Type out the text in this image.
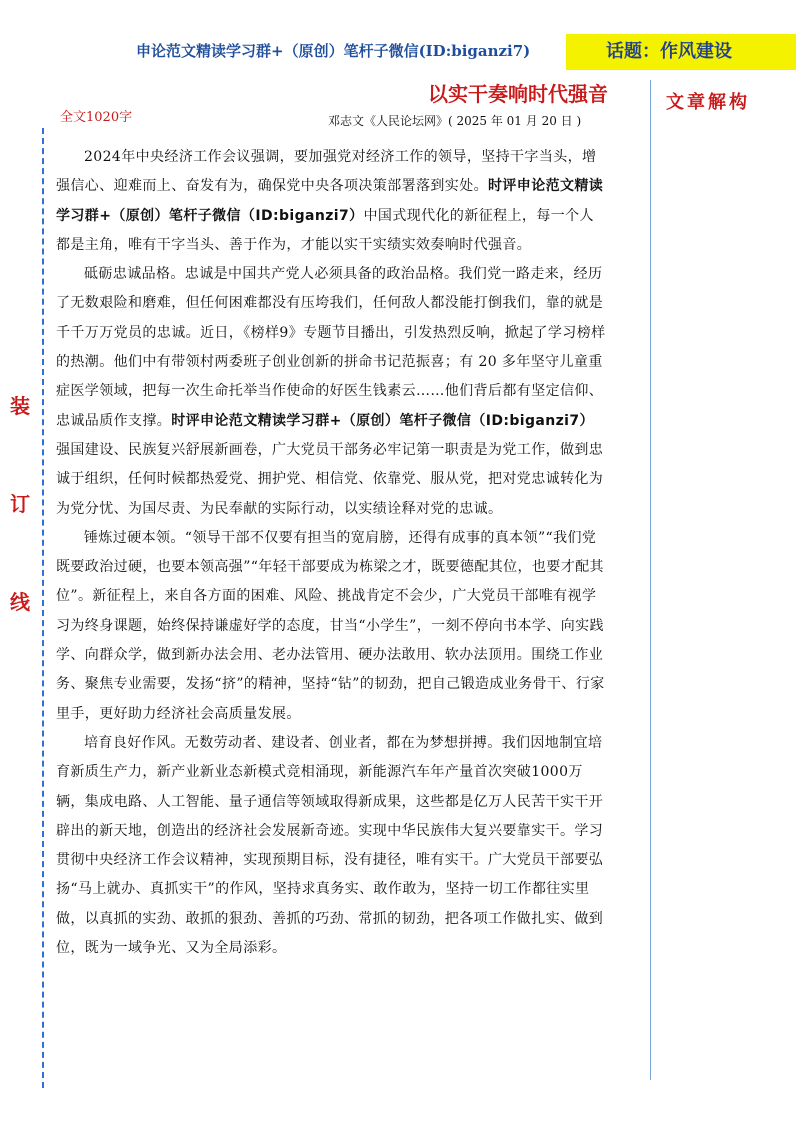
申论范文精读学习群+（原创）笔杆子微信(ID:biganzi7)	话题：作风建设
以实干奏响时代强音	文章解构
全文1020字	邓志文《人民论坛网》( 2025 年 01 月 20 日 )
装
订
线

2024年中央经济工作会议强调，要加强党对经济工作的领导，坚持干字当头，增强信心、迎难而上、奋发有为，确保党中央各项决策部署落到实处。时评申论范文精读学习群+（原创）笔杆子微信（ID:biganzi7）中国式现代化的新征程上，每一个人都是主角，唯有干字当头、善于作为，才能以实干实绩实效奏响时代强音。

砥砺忠诚品格。忠诚是中国共产党人必须具备的政治品格。我们党一路走来，经历了无数艰险和磨难，但任何困难都没有压垮我们，任何敌人都没能打倒我们，靠的就是千千万万党员的忠诚。近日，《榜样9》专题节目播出，引发热烈反响，掀起了学习榜样的热潮。他们中有带领村两委班子创业创新的拼命书记范振喜；有 20 多年坚守儿童重症医学领域，把每一次生命托举当作使命的好医生钱素云……他们背后都有坚定信仰、忠诚品质作支撑。时评申论范文精读学习群+（原创）笔杆子微信（ID:biganzi7）强国建设、民族复兴舒展新画卷，广大党员干部务必牢记第一职责是为党工作，做到忠诚于组织，任何时候都热爱党、拥护党、相信党、依靠党、服从党，把对党忠诚转化为为党分忧、为国尽责、为民奉献的实际行动，以实绩诠释对党的忠诚。

锤炼过硬本领。“领导干部不仅要有担当的宽肩膀，还得有成事的真本领”“我们党既要政治过硬，也要本领高强”“年轻干部要成为栋梁之才，既要德配其位，也要才配其位”。新征程上，来自各方面的困难、风险、挑战肯定不会少，广大党员干部唯有视学习为终身课题，始终保持谦虚好学的态度，甘当“小学生”，一刻不停向书本学、向实践学、向群众学，做到新办法会用、老办法管用、硬办法敢用、软办法顶用。围绕工作业务、聚焦专业需要，发扬“挤”的精神，坚持“钻”的韧劲，把自己锻造成业务骨干、行家里手，更好助力经济社会高质量发展。

培育良好作风。无数劳动者、建设者、创业者，都在为梦想拼搏。我们因地制宜培育新质生产力，新产业新业态新模式竞相涌现，新能源汽车年产量首次突破1000万辆，集成电路、人工智能、量子通信等领域取得新成果，这些都是亿万人民苦干实干开辟出的新天地，创造出的经济社会发展新奇迹。实现中华民族伟大复兴要靠实干。学习贯彻中央经济工作会议精神，实现预期目标，没有捷径，唯有实干。广大党员干部要弘扬“马上就办、真抓实干”的作风，坚持求真务实、敢作敢为，坚持一切工作都往实里做，以真抓的实劲、敢抓的狠劲、善抓的巧劲、常抓的韧劲，把各项工作做扎实、做到位，既为一域争光、又为全局添彩。
